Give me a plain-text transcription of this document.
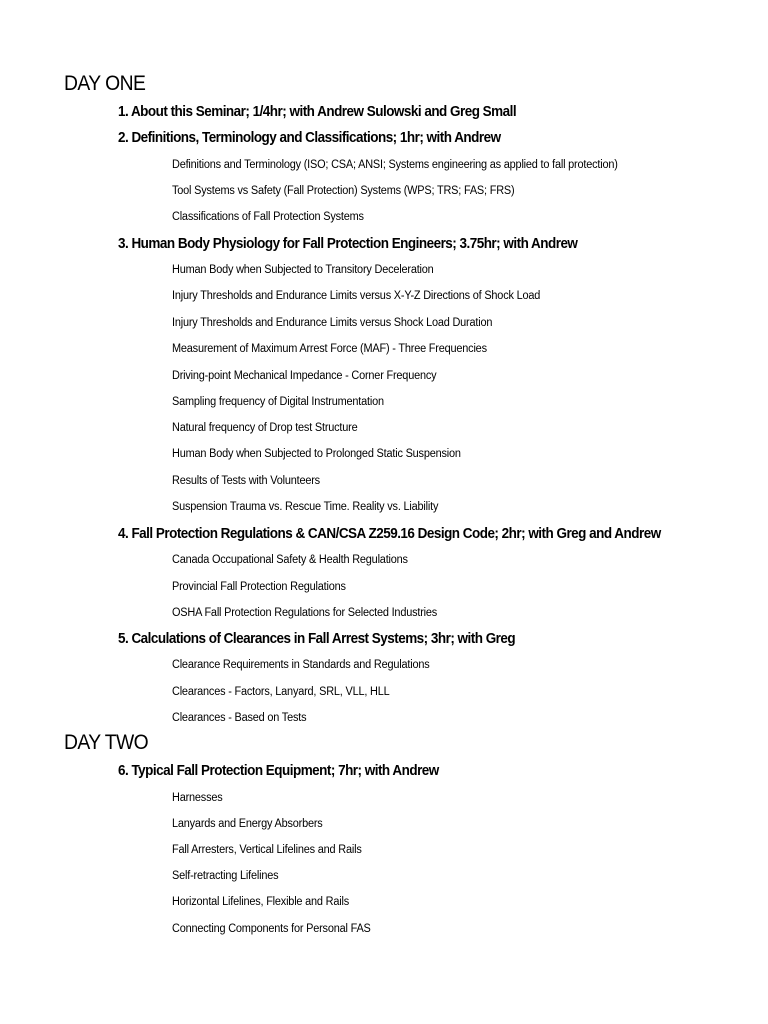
DAY ONE
1. About this Seminar; 1/4hr; with Andrew Sulowski and Greg Small
2. Definitions, Terminology and Classifications; 1hr; with Andrew
Definitions and Terminology (ISO; CSA; ANSI; Systems engineering as applied to fall protection)
Tool Systems vs Safety (Fall Protection) Systems (WPS; TRS; FAS; FRS)
Classifications of Fall Protection Systems
3. Human Body Physiology for Fall Protection Engineers; 3.75hr; with Andrew
Human Body when Subjected to Transitory Deceleration
Injury Thresholds and Endurance Limits versus X-Y-Z Directions of Shock Load
Injury Thresholds and Endurance Limits versus Shock Load Duration
Measurement of Maximum Arrest Force (MAF) - Three Frequencies
Driving-point Mechanical Impedance - Corner Frequency
Sampling frequency of Digital Instrumentation
Natural frequency of Drop test Structure
Human Body when Subjected to Prolonged Static Suspension
Results of Tests with Volunteers
Suspension Trauma vs. Rescue Time. Reality vs. Liability
4. Fall Protection Regulations & CAN/CSA Z259.16 Design Code; 2hr; with Greg and Andrew
Canada Occupational Safety & Health Regulations
Provincial Fall Protection Regulations
OSHA Fall Protection Regulations for Selected Industries
5. Calculations of Clearances in Fall Arrest Systems; 3hr; with Greg
Clearance Requirements in Standards and Regulations
Clearances - Factors, Lanyard, SRL, VLL, HLL
Clearances - Based on Tests
DAY TWO
6. Typical Fall Protection Equipment; 7hr; with Andrew
Harnesses
Lanyards and Energy Absorbers
Fall Arresters, Vertical Lifelines and Rails
Self-retracting Lifelines
Horizontal Lifelines, Flexible and Rails
Connecting Components for Personal FAS
